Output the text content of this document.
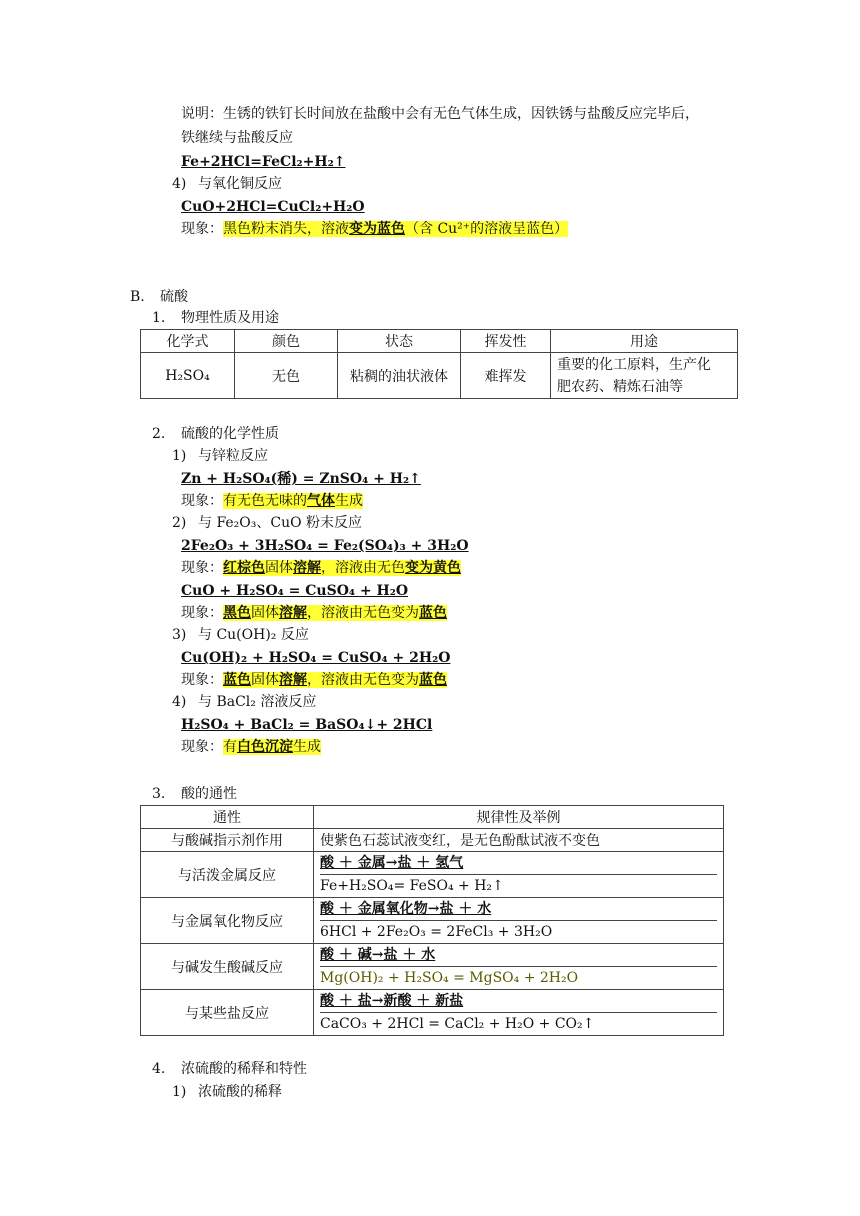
说明：生锈的铁钉长时间放在盐酸中会有无色气体生成，因铁锈与盐酸反应完毕后，
铁继续与盐酸反应
Fe+2HCl=FeCl₂+H₂↑
4) 与氧化铜反应
CuO+2HCl=CuCl₂+H₂O
现象：黑色粉末消失，溶液变为蓝色（含 Cu²⁺的溶液呈蓝色）
B. 硫酸
1. 物理性质及用途
化学式	颜色	状态	挥发性	用途
H₂SO₄	无色	粘稠的油状液体	难挥发	重要的化工原料，生产化
肥农药、精炼石油等
2. 硫酸的化学性质
1) 与锌粒反应
Zn + H₂SO₄(稀) = ZnSO₄ + H₂↑
现象：有无色无味的气体生成
2) 与 Fe₂O₃、CuO 粉末反应
2Fe₂O₃ + 3H₂SO₄ = Fe₂(SO₄)₃ + 3H₂O
现象：红棕色固体溶解，溶液由无色变为黄色
CuO + H₂SO₄ = CuSO₄ + H₂O
现象：黑色固体溶解，溶液由无色变为蓝色
3) 与 Cu(OH)₂ 反应
Cu(OH)₂ + H₂SO₄ = CuSO₄ + 2H₂O
现象：蓝色固体溶解，溶液由无色变为蓝色
4) 与 BaCl₂ 溶液反应
H₂SO₄ + BaCl₂ = BaSO₄↓+ 2HCl
现象：有白色沉淀生成
3. 酸的通性
通性	规律性及举例
与酸碱指示剂作用	使紫色石蕊试液变红，是无色酚酞试液不变色
与活泼金属反应	酸 ＋ 金属→盐 ＋ 氢气
Fe+H₂SO₄= FeSO₄ + H₂↑

与金属氧化物反应	酸 ＋ 金属氧化物→盐 ＋ 水
6HCl + 2Fe₂O₃ = 2FeCl₃ + 3H₂O

与碱发生酸碱反应	酸 ＋ 碱→盐 ＋ 水
Mg(OH)₂ + H₂SO₄ = MgSO₄ + 2H₂O

与某些盐反应	酸 ＋ 盐→新酸 ＋ 新盐
CaCO₃ + 2HCl = CaCl₂ + H₂O + CO₂↑
4. 浓硫酸的稀释和特性
1) 浓硫酸的稀释
